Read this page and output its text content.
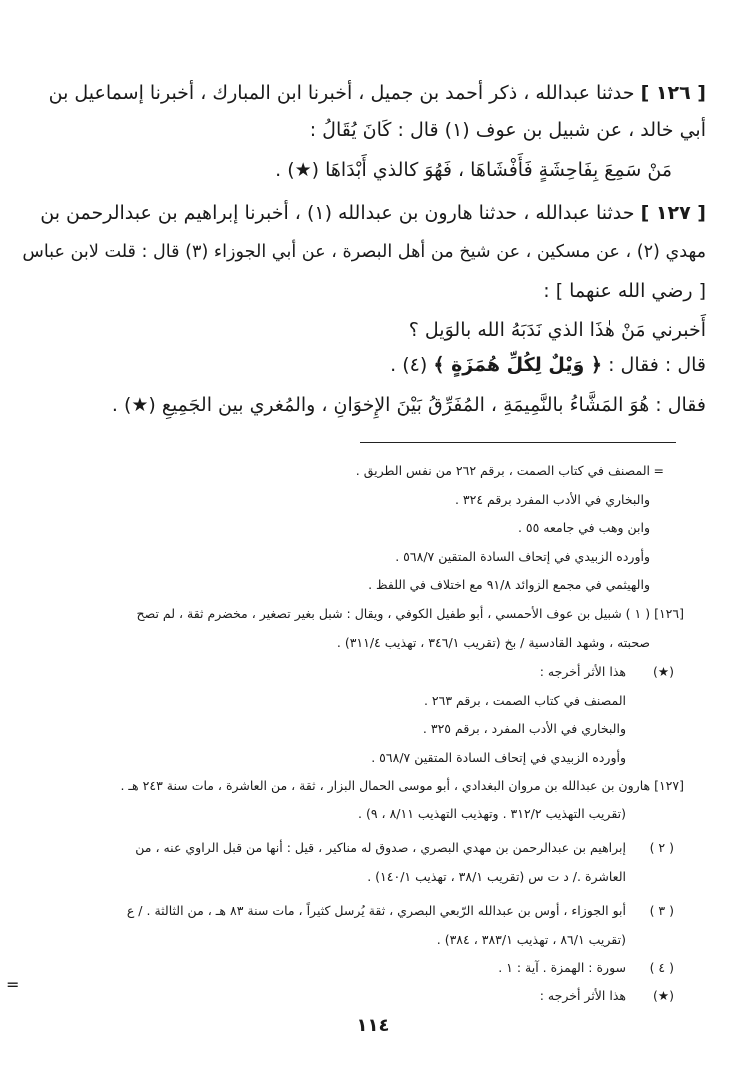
[ ١٢٦ ] حدثنا عبدالله ، ذكر أحمد بن جميل ، أخبرنا ابن المبارك ، أخبرنا إسماعيل بن
أبي خالد ، عن شبيل بن عوف (١) قال : كَانَ يُقَالُ :
مَنْ سَمِعَ بِفَاحِشَةٍ فَأَفْشَاهَا ، فَهُوَ كالذي أَبْدَاهَا (★) .
[ ١٢٧ ] حدثنا عبدالله ، حدثنا هارون بن عبدالله (١) ، أخبرنا إبراهيم بن عبدالرحمن بن
مهدي (٢) ، عن مسكين ، عن شيخ من أهل البصرة ، عن أبي الجوزاء (٣) قال : قلت لابن عباس
[ رضي الله عنهما ] :
أَخبرني مَنْ هٰذَا الذي نَدَبَهُ الله بالوَيل ؟
قال : فقال : ﴿ وَيْلٌ لِكُلِّ هُمَزَةٍ ﴾ (٤) .
فقال : هُوَ المَشَّاءُ بالنَّمِيمَةِ ، المُفَرِّقُ بَيْنَ الإِخوَانِ ، والمُغري بين الجَمِيعِ (★) .
المصنف في كتاب الصمت ، برقم ٢٦٢ من نفس الطريق . =
والبخاري في الأدب المفرد برقم ٣٢٤ .
وابن وهب في جامعه ٥٥ .
وأورده الزبيدي في إتحاف السادة المتقين ٥٦٨/٧ .
والهيثمي في مجمع الزوائد ٩١/٨ مع اختلاف في اللفظ .
[١٢٦] ( ١ ) شبيل بن عوف الأحمسي ، أبو طفيل الكوفي ، ويقال : شبل بغير تصغير ، مخضرم ثقة ، لم تصح
صحبته ، وشهد القادسية / بخ (تقريب ٣٤٦/١ ، تهذيب ٣١١/٤) .
(★)
هذا الأثر أخرجه :
المصنف في كتاب الصمت ، برقم ٢٦٣ .
والبخاري في الأدب المفرد ، برقم ٣٢٥ .
وأورده الزبيدي في إتحاف السادة المتقين ٥٦٨/٧ .
[١٢٧] هارون بن عبدالله بن مروان البغدادي ، أبو موسى الحمال البزار ، ثقة ، من العاشرة ، مات سنة ٢٤٣ هـ .
(تقريب التهذيب ٣١٢/٢ . وتهذيب التهذيب ٨/١١ ، ٩) .
( ٢ )
إبراهيم بن عبدالرحمن بن مهدي البصري ، صدوق له مناكير ، قيل : أنها من قبل الراوي عنه ، من
العاشرة ./ د ت س (تقريب ٣٨/١ ، تهذيب ١٤٠/١) .
( ٣ )
أبو الجوزاء ، أوس بن عبدالله الرّبعي البصري ، ثقة يُرسل كثيراً ، مات سنة ٨٣ هـ ، من الثالثة . / ع
(تقريب ٨٦/١ ، تهذيب ٣٨٣/١ ، ٣٨٤) .
( ٤ )
سورة : الهمزة . آية : ١ .
(★)
هذا الأثر أخرجه :
=
١١٤
